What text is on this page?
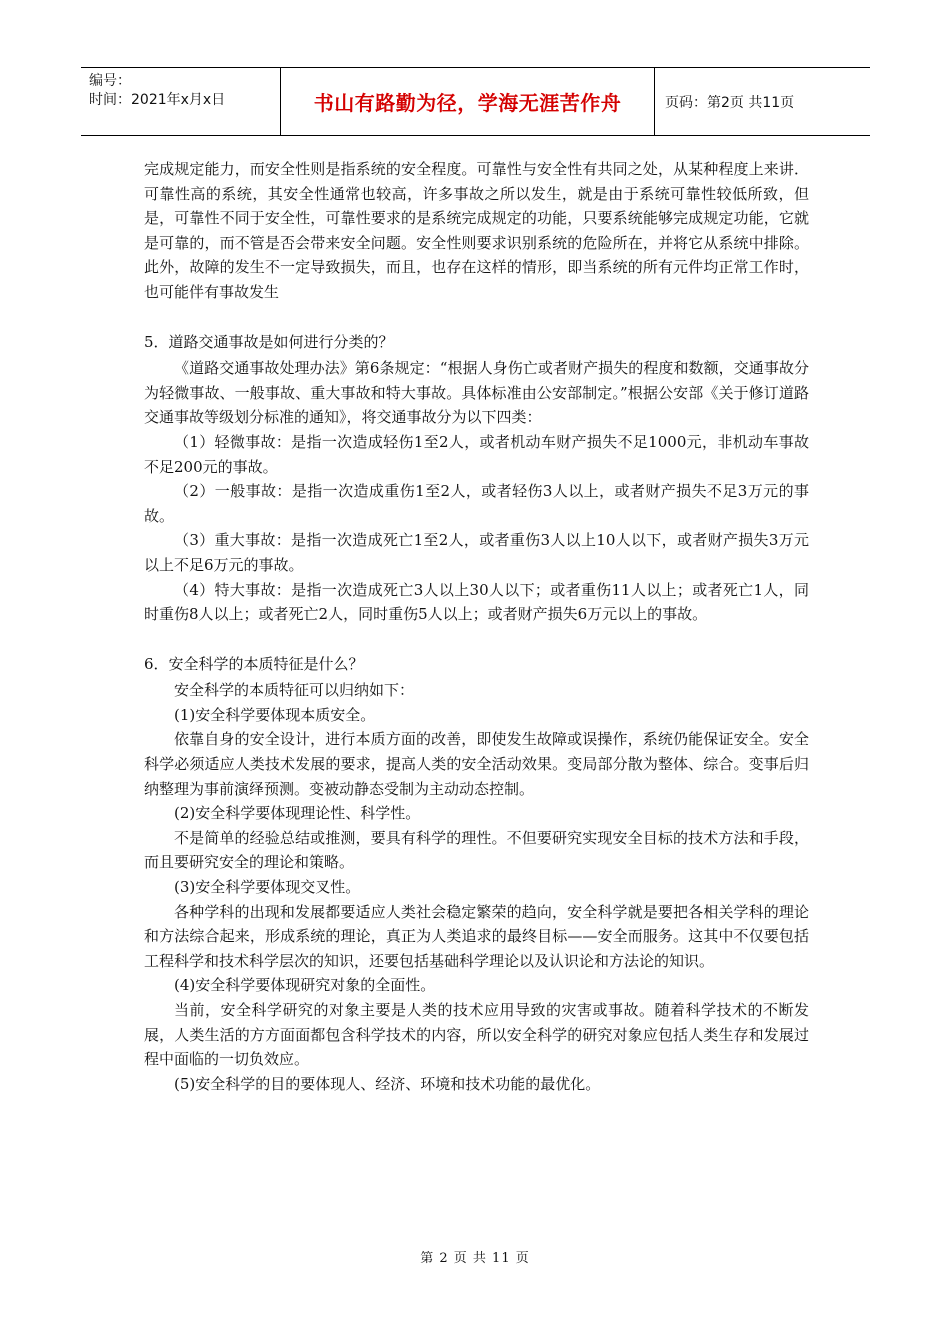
编号：
时间：2021年x月x日	书山有路勤为径，学海无涯苦作舟	页码：第2页 共11页

完成规定能力，而安全性则是指系统的安全程度。可靠性与安全性有共同之处，从某种程度上来讲．可靠性高的系统，其安全性通常也较高，许多事故之所以发生，就是由于系统可靠性较低所致，但是，可靠性不同于安全性，可靠性要求的是系统完成规定的功能，只要系统能够完成规定功能，它就是可靠的，而不管是否会带来安全问题。安全性则要求识别系统的危险所在，并将它从系统中排除。此外，故障的发生不一定导致损失，而且，也存在这样的情形，即当系统的所有元件均正常工作时，也可能伴有事故发生

5．道路交通事故是如何进行分类的？

《道路交通事故处理办法》第6条规定：“根据人身伤亡或者财产损失的程度和数额，交通事故分为轻微事故、一般事故、重大事故和特大事故。具体标准由公安部制定。”根据公安部《关于修订道路交通事故等级划分标准的通知》，将交通事故分为以下四类：

（1）轻微事故：是指一次造成轻伤1至2人，或者机动车财产损失不足1000元，非机动车事故不足200元的事故。

（2）一般事故：是指一次造成重伤1至2人，或者轻伤3人以上，或者财产损失不足3万元的事故。

（3）重大事故：是指一次造成死亡1至2人，或者重伤3人以上10人以下，或者财产损失3万元以上不足6万元的事故。

（4）特大事故：是指一次造成死亡3人以上30人以下；或者重伤11人以上；或者死亡1人，同时重伤8人以上；或者死亡2人，同时重伤5人以上；或者财产损失6万元以上的事故。

6．安全科学的本质特征是什么？

安全科学的本质特征可以归纳如下：

(1)安全科学要体现本质安全。

依靠自身的安全设计，进行本质方面的改善，即使发生故障或误操作，系统仍能保证安全。安全科学必须适应人类技术发展的要求，提高人类的安全活动效果。变局部分散为整体、综合。变事后归纳整理为事前演绎预测。变被动静态受制为主动动态控制。

(2)安全科学要体现理论性、科学性。

不是简单的经验总结或推测，要具有科学的理性。不但要研究实现安全目标的技术方法和手段，而且要研究安全的理论和策略。

(3)安全科学要体现交叉性。

各种学科的出现和发展都要适应人类社会稳定繁荣的趋向，安全科学就是要把各相关学科的理论和方法综合起来，形成系统的理论，真正为人类追求的最终目标——安全而服务。这其中不仅要包括工程科学和技术科学层次的知识，还要包括基础科学理论以及认识论和方法论的知识。

(4)安全科学要体现研究对象的全面性。

当前，安全科学研究的对象主要是人类的技术应用导致的灾害或事故。随着科学技术的不断发展，人类生活的方方面面都包含科学技术的内容，所以安全科学的研究对象应包括人类生存和发展过程中面临的一切负效应。

(5)安全科学的目的要体现人、经济、环境和技术功能的最优化。

第 2 页 共 11 页
